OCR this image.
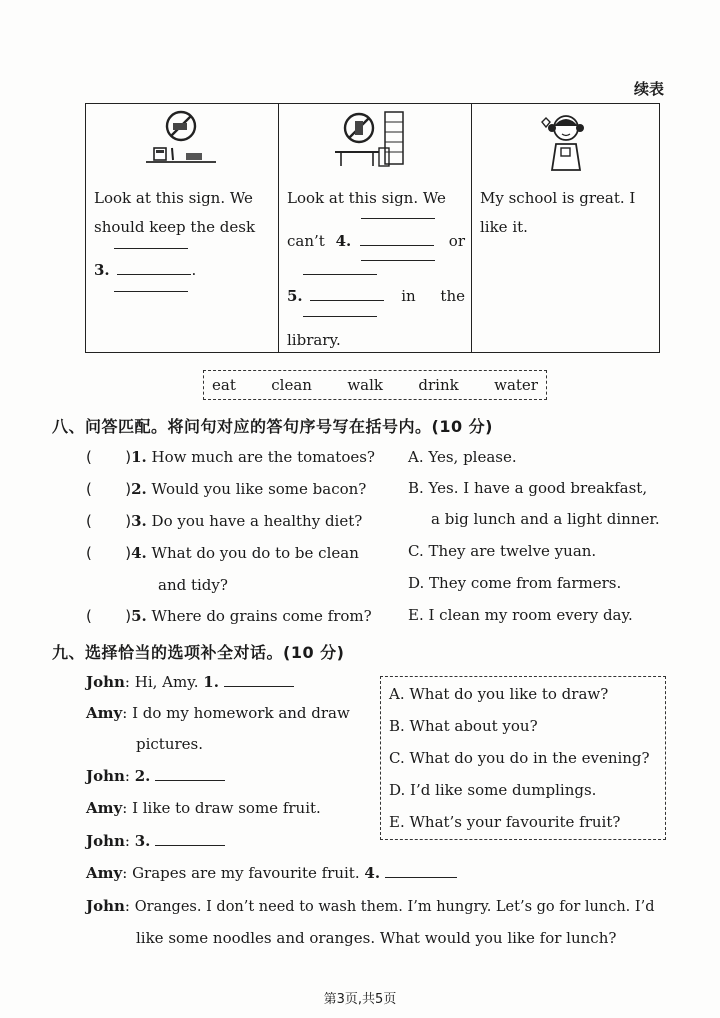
续表
Look at this sign. We
should keep the desk
3.	.
Look at this sign. We
can’t 4.	or
5.	in the
library.
My school is great. I
like it.
eat clean walk drink water
八、问答匹配。将问句对应的答句序号写在括号内。(10 分)
(       )1. How much are the tomatoes?
(       )2. Would you like some bacon?
(       )3. Do you have a healthy diet?
(       )4. What do you do to be clean
and tidy?
(       )5. Where do grains come from?
A. Yes, please.
B. Yes. I have a good breakfast,
a big lunch and a light dinner.
C. They are twelve yuan.
D. They come from farmers.
E. I clean my room every day.
九、选择恰当的选项补全对话。(10 分)
John: Hi, Amy. 1.
Amy: I do my homework and draw
pictures.
John: 2.
Amy: I like to draw some fruit.
John: 3.
Amy: Grapes are my favourite fruit. 4.
John: Oranges. I don’t need to wash them. I’m hungry. Let’s go for lunch. I’d
like some noodles and oranges. What would you like for lunch?
A. What do you like to draw?
B. What about you?
C. What do you do in the evening?
D. I’d like some dumplings.
E. What’s your favourite fruit?
第3页,共5页
